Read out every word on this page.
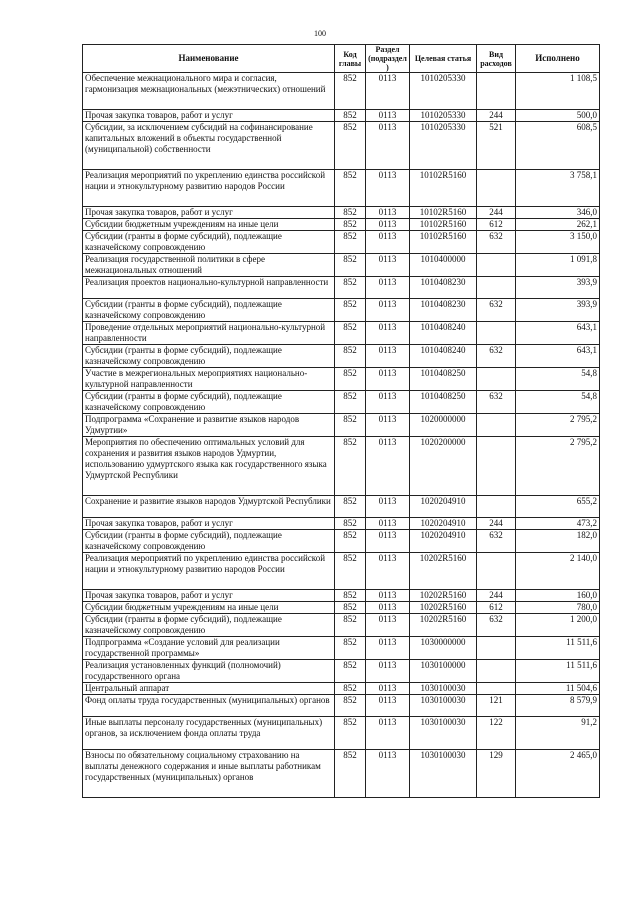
100
Наименование	Код главы	Раздел (подраздел)	Целевая статья	Вид расходов	Исполнено
Обеспечение межнационального мира и согласия, гармонизация межнациональных (межэтнических) отношений	852	0113	1010205330		1 108,5
Прочая закупка товаров, работ и услуг	852	0113	1010205330	244	500,0
Субсидии, за исключением субсидий на софинансирование капитальных вложений в объекты государственной (муниципальной) собственности	852	0113	1010205330	521	608,5
Реализация мероприятий по укреплению единства российской нации и этнокультурному развитию народов России	852	0113	10102R5160		3 758,1
Прочая закупка товаров, работ и услуг	852	0113	10102R5160	244	346,0
Субсидии бюджетным учреждениям на иные цели	852	0113	10102R5160	612	262,1
Субсидии (гранты в форме субсидий), подлежащие казначейскому сопровождению	852	0113	10102R5160	632	3 150,0
Реализация государственной политики в сфере межнациональных отношений	852	0113	1010400000		1 091,8
Реализация проектов национально-культурной направленности	852	0113	1010408230		393,9
Субсидии (гранты в форме субсидий), подлежащие казначейскому сопровождению	852	0113	1010408230	632	393,9
Проведение отдельных мероприятий национально-культурной направленности	852	0113	1010408240		643,1
Субсидии (гранты в форме субсидий), подлежащие казначейскому сопровождению	852	0113	1010408240	632	643,1
Участие в межрегиональных мероприятиях национально-культурной направленности	852	0113	1010408250		54,8
Субсидии (гранты в форме субсидий), подлежащие казначейскому сопровождению	852	0113	1010408250	632	54,8
Подпрограмма «Сохранение и развитие языков народов Удмуртии»	852	0113	1020000000		2 795,2
Мероприятия по обеспечению оптимальных условий для сохранения и развития языков народов Удмуртии, использованию удмуртского языка как государственного языка Удмуртской Республики	852	0113	1020200000		2 795,2
Сохранение и развитие языков народов Удмуртской Республики	852	0113	1020204910		655,2
Прочая закупка товаров, работ и услуг	852	0113	1020204910	244	473,2
Субсидии (гранты в форме субсидий), подлежащие казначейскому сопровождению	852	0113	1020204910	632	182,0
Реализация мероприятий по укреплению единства российской нации и этнокультурному развитию народов России	852	0113	10202R5160		2 140,0
Прочая закупка товаров, работ и услуг	852	0113	10202R5160	244	160,0
Субсидии бюджетным учреждениям на иные цели	852	0113	10202R5160	612	780,0
Субсидии (гранты в форме субсидий), подлежащие казначейскому сопровождению	852	0113	10202R5160	632	1 200,0
Подпрограмма «Создание условий для реализации государственной программы»	852	0113	1030000000		11 511,6
Реализация установленных функций (полномочий) государственного органа	852	0113	1030100000		11 511,6
Центральный аппарат	852	0113	1030100030		11 504,6
Фонд оплаты труда государственных (муниципальных) органов	852	0113	1030100030	121	8 579,9
Иные выплаты персоналу государственных (муниципальных) органов, за исключением фонда оплаты труда	852	0113	1030100030	122	91,2
Взносы по обязательному социальному страхованию на выплаты денежного содержания и иные выплаты работникам государственных (муниципальных) органов	852	0113	1030100030	129	2 465,0
